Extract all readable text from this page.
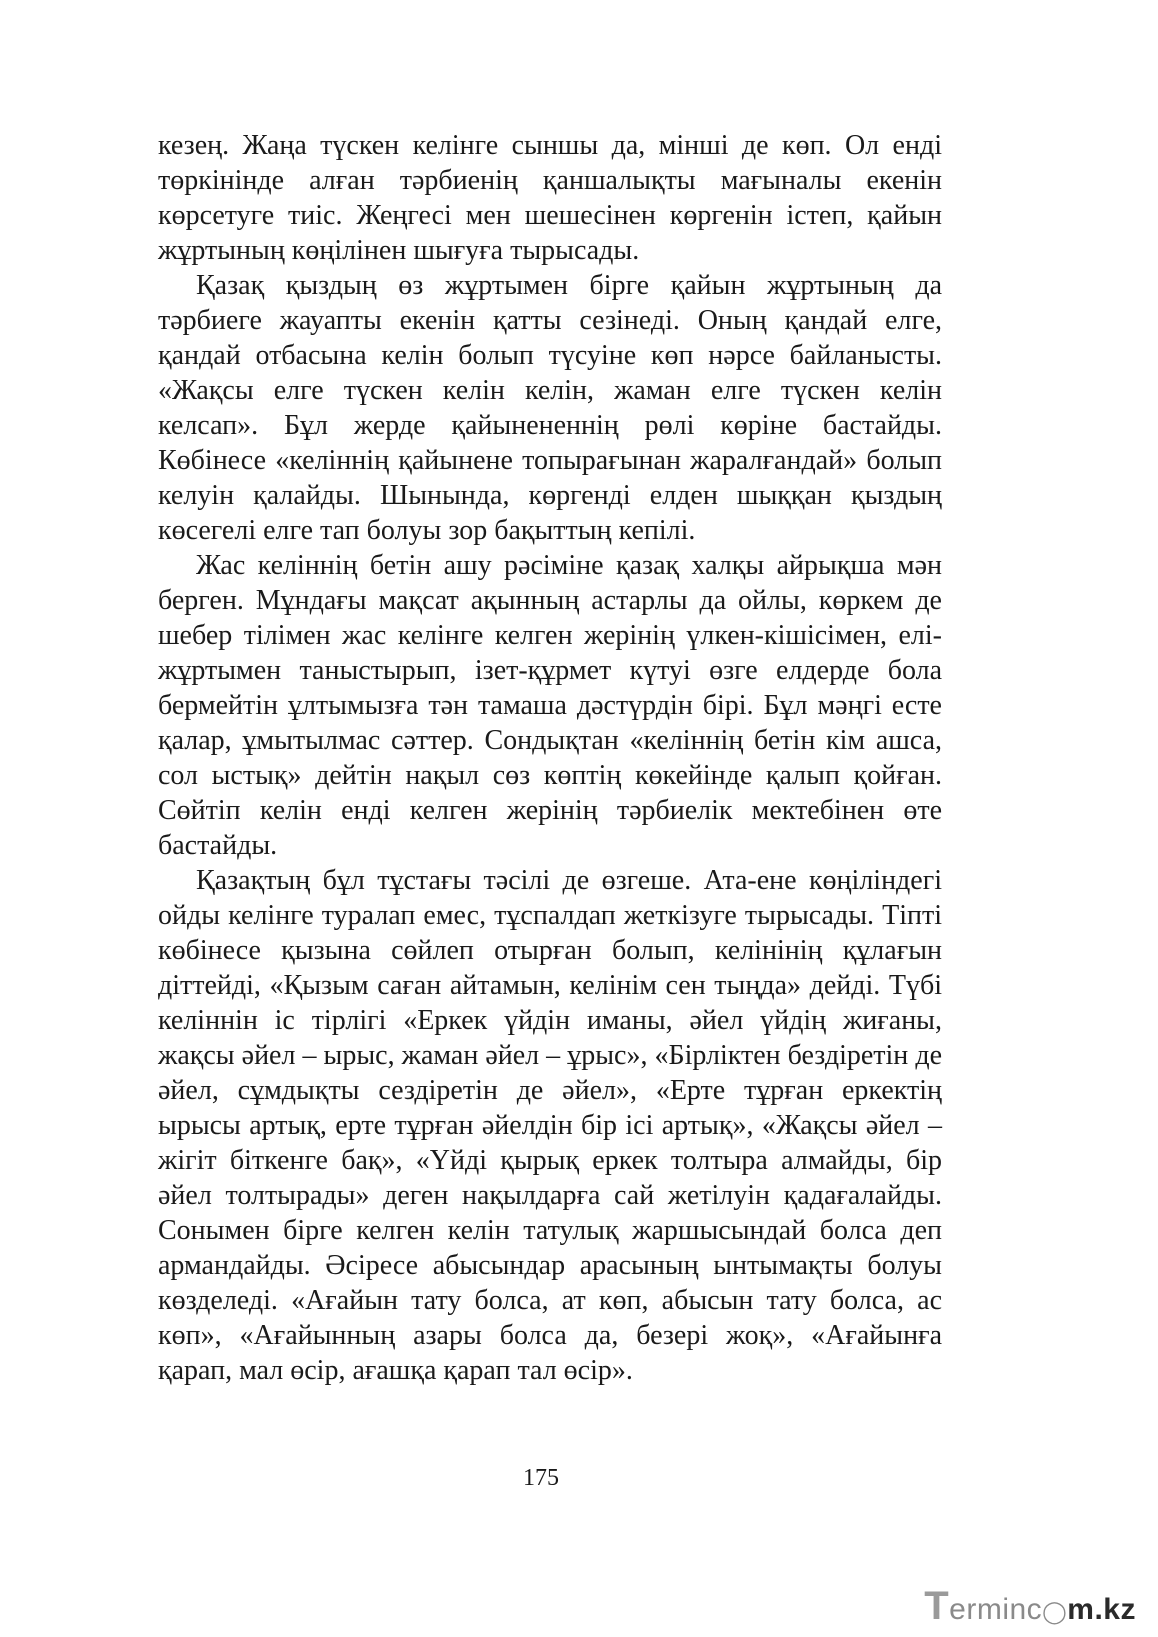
кезең. Жаңа түскен келінге сыншы да, міншi де көп. Ол енді төркінінде алған тәрбиенің қаншалықты мағыналы екенін көрсетуге тиіс. Жеңгесі мен шешесінен көргенін істеп, қайын жұртының көңілінен шығуға тырысады.

Қазақ қыздың өз жұртымен бірге қайын жұртының да тәрбиеге жауапты екенін қатты сезінеді. Оның қандай елге, қандай отбасына келін болып түсуіне көп нәрсе байланысты. «Жақсы елге түскен келін келін, жаман елге түскен келін келсап». Бұл жерде қайынененнің рөлі көріне бастайды. Көбінесе «келіннің қайынене топырағынан жаралғандай» болып келуін қалайды. Шынында, көргенді елден шыққан қыздың көсегелі елге тап болуы зор бақыттың кепілі.

Жас келіннің бетін ашу рәсіміне қазақ халқы айрықша мән берген. Мұндағы мақсат ақынның астарлы да ойлы, көркем де шебер тілімен жас келінге келген жерінің үлкен-кішісімен, елі-жұртымен таныстырып, ізет-құрмет күтуі өзге елдерде бола бермейтін ұлтымызға тән тамаша дәстүрдін бірі. Бұл мәңгі есте қалар, ұмытылмас сәттер. Сондықтан «келіннің бетін кім ашса, сол ыстық» дейтін нақыл сөз көптің көкейінде қалып қойған. Сөйтіп келін енді келген жерінің тәрбиелік мектебінен өте бастайды.

Қазақтың бұл тұстағы тәсілі де өзгеше. Ата-ене көңіліндегі ойды келінге туралап емес, тұспалдап жеткізуге тырысады. Тіпті көбінесе қызына сөйлеп отырған болып, келінінің құлағын діттейді, «Қызым саған айтамын, келінім сен тыңда» дейді. Түбі келіннін іс тірлігі «Еркек үйдін иманы, әйел үйдің жиғаны, жақсы әйел – ырыс, жаман әйел – ұрыс», «Бірліктен бездіретін де әйел, сұмдықты сездіретін де әйел», «Ерте тұрған еркектің ырысы артық, ерте тұрған әйелдін бір ісі артық», «Жақсы әйел – жігіт біткенге бақ», «Үйді қырық еркек толтыра алмайды, бір әйел толтырады» деген нақылдарға сай жетілуін қадағалайды. Сонымен бірге келген келін татулық жаршысындай болса деп армандайды. Әсіресе абысындар арасының ынтымақты болуы көзделеді. «Ағайын тату болса, ат көп, абысын тату болса, ас көп», «Ағайынның азары болса да, безері жоқ», «Ағайынға қарап, мал өсір, ағашқа қарап тал өсір».

175
T erminc ◯ m.kz
